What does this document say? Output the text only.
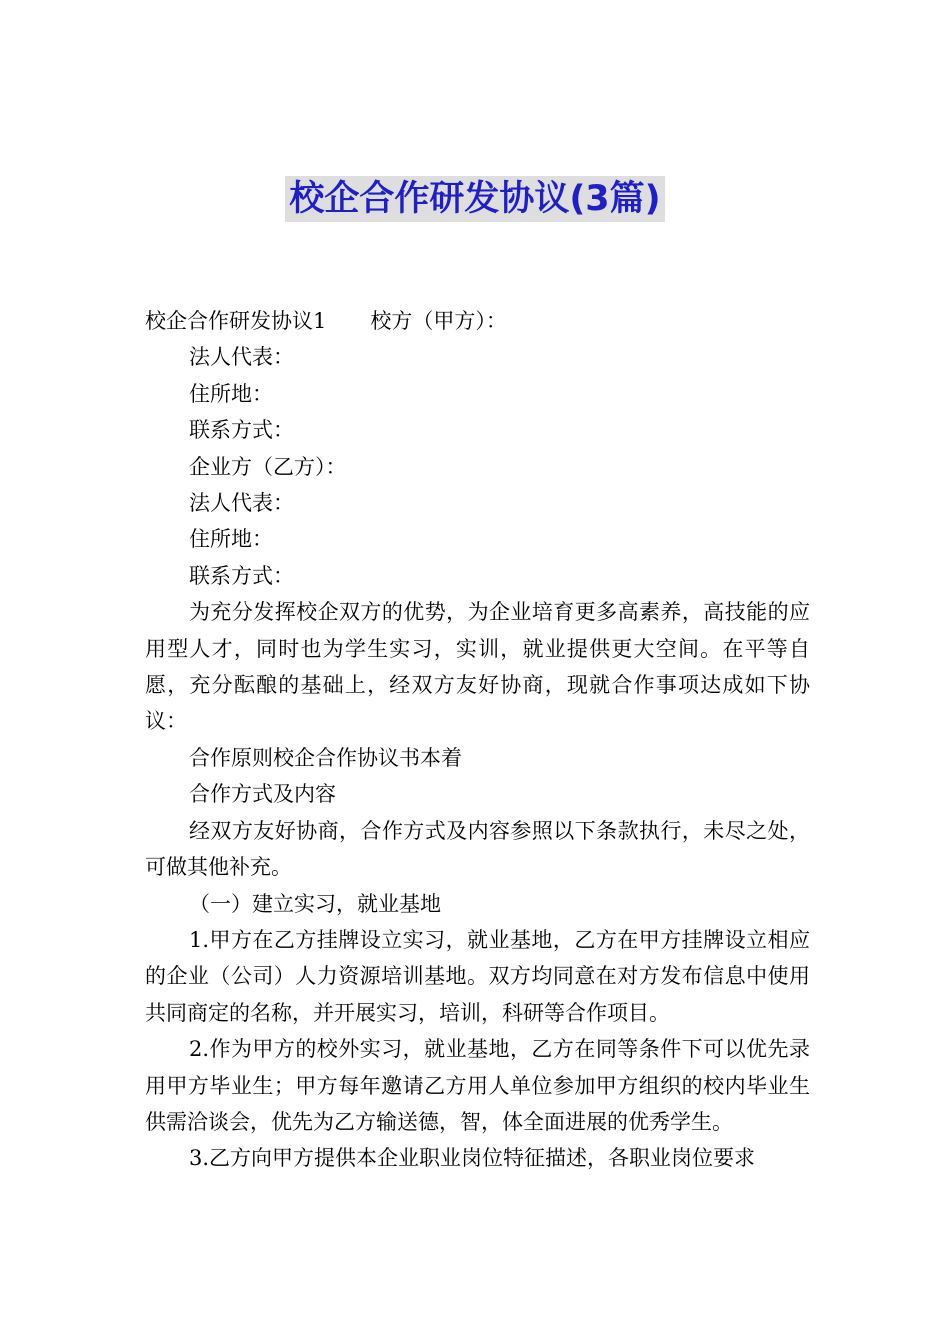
校企合作研发协议(3篇)

校企合作研发协议1 校方（甲方）：

法人代表：

住所地：

联系方式：

企业方（乙方）：

法人代表：

住所地：

联系方式：

为充分发挥校企双方的优势，为企业培育更多高素养，高技能的应用型人才，同时也为学生实习，实训，就业提供更大空间。在平等自愿，充分酝酿的基础上，经双方友好协商，现就合作事项达成如下协议：

合作原则校企合作协议书本着

合作方式及内容

经双方友好协商，合作方式及内容参照以下条款执行，未尽之处，可做其他补充。

（一）建立实习，就业基地

1.甲方在乙方挂牌设立实习，就业基地，乙方在甲方挂牌设立相应的企业（公司）人力资源培训基地。双方均同意在对方发布信息中使用共同商定的名称，并开展实习，培训，科研等合作项目。

2.作为甲方的校外实习，就业基地，乙方在同等条件下可以优先录用甲方毕业生；甲方每年邀请乙方用人单位参加甲方组织的校内毕业生供需洽谈会，优先为乙方输送德，智，体全面进展的优秀学生。

3.乙方向甲方提供本企业职业岗位特征描述，各职业岗位要求
